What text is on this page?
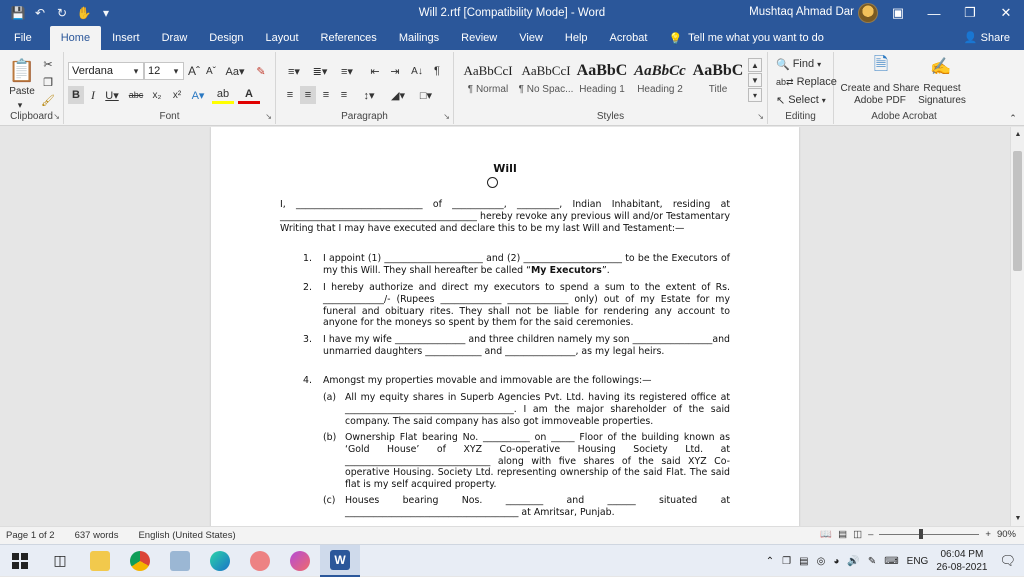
💾 ↶ ↻ ✋ ▾	Will 2.rtf [Compatibility Mode] - Word	Mushtaq Ahmad Dar	▣	—	❐	✕
File	Home	Insert	Draw	Design	Layout	References	Mailings	Review	View	Help	Acrobat	💡 Tell me what you want to do	👤 Share
📋
Paste
▾
✂
❐
🖌
Clipboard ↘
Verdana	▾ 12	▾ Aˆ Aˇ Aa▾	✎
B I U▾	abc x₂	x² A▾	ab	A
Font	↘
≡▾	≣▾	≡▾	⇤ ⇥	A↓	¶
≡	≡	≡	≡	↕▾	◢▾	□▾
Paragraph	↘
AaBbCcI
¶ Normal
AaBbCcI
¶ No Spac...
AaBbC
Heading 1
AaBbCc
Heading 2
AaBbC
Title
▲
▼
▾
Styles	↘
🔍 Find ▾
ab⇄ Replace
↖ Select ▾
Editing
🗎
Create and Share Adobe PDF
✍
Request Signatures
Adobe Acrobat	⌃
Will
I, ___________________________ of ___________, _________, Indian Inhabitant, residing at __________________________________________ hereby revoke any previous will and/or Testamentary Writing that I may have executed and declare this to be my last Will and Testament:—
1. I appoint (1) _____________________ and (2) _____________________ to be the Executors of my this Will. They shall hereafter be called “My Executors”.
2. I hereby authorize and direct my executors to spend a sum to the extent of Rs. _____________/- (Rupees _____________ _____________ only) out of my Estate for my funeral and obituary rites. They shall not be liable for rendering any account to anyone for the moneys so spent by them for the said ceremonies.
3. I have my wife _______________ and three children namely my son _________________and unmarried daughters ____________ and _______________, as my legal heirs.
4. Amongst my properties movable and immovable are the followings:—
(a) All my equity shares in Superb Agencies Pvt. Ltd. having its registered office at ____________________________________. I am the major shareholder of the said company. The said company has also got immoveable properties.
(b) Ownership Flat bearing No. __________ on _____ Floor of the building known as ‘Gold House’ of XYZ Co-operative Housing Society Ltd. at _______________________________ along with five shares of the said XYZ Co-operative Housing. Society Ltd. representing ownership of the said Flat. The said flat is my self acquired property.
(c) Houses bearing Nos. ________ and ______ situated at _____________________________________ at Amritsar, Punjab.
▲
▼
Page 1 of 2 637 words English (United States)	📖 ▤ ◫ –	+ 90%
◫	W	⌃ ❐ ▤ ◎ ◕ 🔊 ✎ ⌨ ENG
06:04 PM
26-08-2021 🗨
